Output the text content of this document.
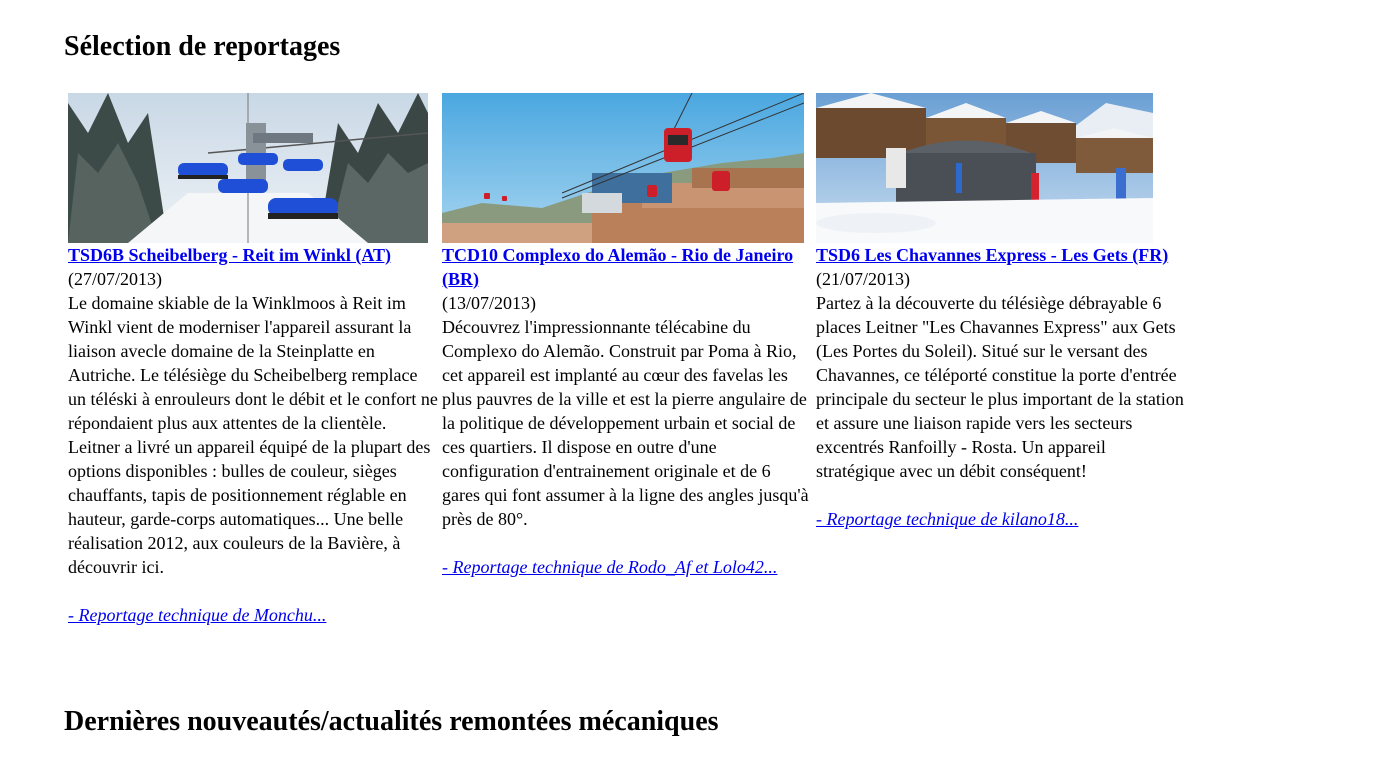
Sélection de reportages
TSD6B Scheibelberg - Reit im Winkl (AT)
(27/07/2013)
Le domaine skiable de la Winklmoos à Reit im Winkl vient de moderniser l'appareil assurant la liaison avecle domaine de la Steinplatte en Autriche. Le télésiège du Scheibelberg remplace un téléski à enrouleurs dont le débit et le confort ne répondaient plus aux attentes de la clientèle. Leitner a livré un appareil équipé de la plupart des options disponibles : bulles de couleur, sièges chauffants, tapis de positionnement réglable en hauteur, garde-corps automatiques... Une belle réalisation 2012, aux couleurs de la Bavière, à découvrir ici.
- Reportage technique de Monchu...
TCD10 Complexo do Alemão - Rio de Janeiro (BR)
(13/07/2013)
Découvrez l'impressionnante télécabine du Complexo do Alemão. Construit par Poma à Rio, cet appareil est implanté au cœur des favelas les plus pauvres de la ville et est la pierre angulaire de la politique de développement urbain et social de ces quartiers. Il dispose en outre d'une configuration d'entrainement originale et de 6 gares qui font assumer à la ligne des angles jusqu'à près de 80°.
- Reportage technique de Rodo_Af et Lolo42...
TSD6 Les Chavannes Express - Les Gets (FR)
(21/07/2013)
Partez à la découverte du télésiège débrayable 6 places Leitner "Les Chavannes Express" aux Gets (Les Portes du Soleil). Situé sur le versant des Chavannes, ce téléporté constitue la porte d'entrée principale du secteur le plus important de la station et assure une liaison rapide vers les secteurs excentrés Ranfoilly - Rosta. Un appareil stratégique avec un débit conséquent!
- Reportage technique de kilano18...
Dernières nouveautés/actualités remontées mécaniques
